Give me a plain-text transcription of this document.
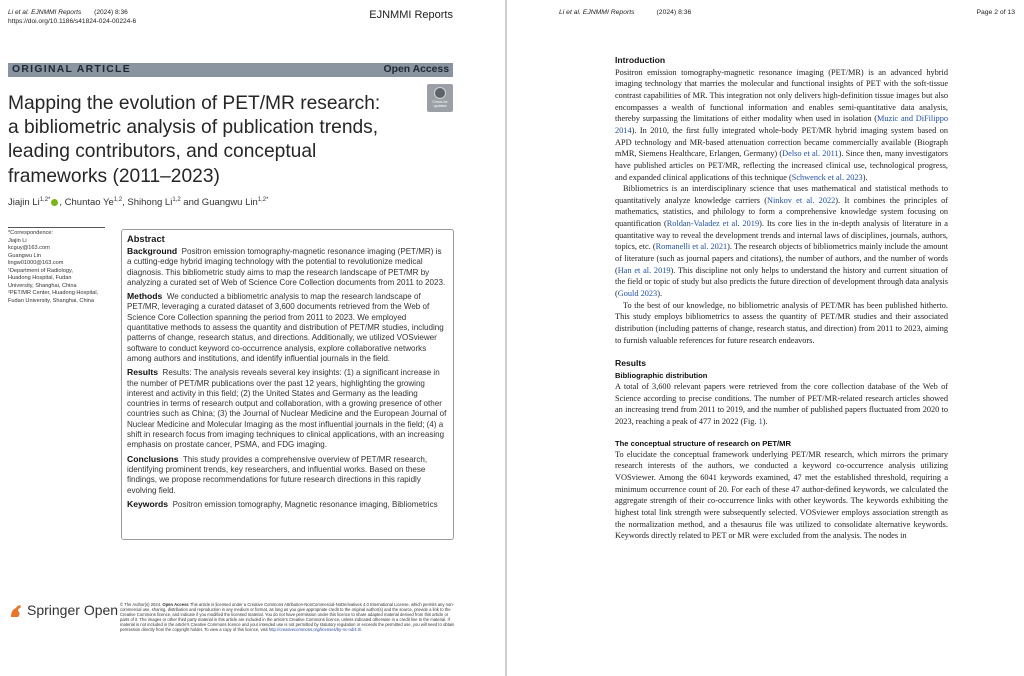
Li et al. EJNMMI Reports (2024) 8:36
https://doi.org/10.1186/s41824-024-00224-6
EJNMMI Reports
ORIGINAL ARTICLE	Open Access
Mapping the evolution of PET/MR research:
a bibliometric analysis of publication trends,
leading contributors, and conceptual
frameworks (2011–2023)
Check for
updates
Jiajin $Li^{1,2*}$ , Chuntao Ye$^{1,2}$, Shihong Li$^{1,2}$ and Guangwu Lin$^{1,2*}$
*Correspondence:
Jiajin Li
kcguy@163.com
Guangwu Lin
lingw01000@163.com
¹Department of Radiology,
Huadong Hospital, Fudan
University, Shanghai, China
²PET/MR Center, Huadong Hospital,
Fudan University, Shanghai, China
Abstract

Background Positron emission tomography-magnetic resonance imaging (PET/MR) is a cutting-edge hybrid imaging technology with the potential to revolutionize medical diagnosis. This bibliometric study aims to map the research landscape of PET/MR by analyzing a curated set of Web of Science Core Collection documents from 2011 to 2023.

Methods We conducted a bibliometric analysis to map the research landscape of PET/MR, leveraging a curated dataset of 3,600 documents retrieved from the Web of Science Core Collection spanning the period from 2011 to 2023. We employed quantitative methods to assess the quantity and distribution of PET/MR studies, including patterns of change, research status, and directions. Additionally, we utilized VOSviewer software to conduct keyword co-occurrence analysis, explore collaborative networks among authors and institutions, and identify influential journals in the field.

Results Results: The analysis reveals several key insights: (1) a significant increase in the number of PET/MR publications over the past 12 years, highlighting the growing interest and activity in this field; (2) the United States and Germany as the leading countries in terms of research output and collaboration, with a growing presence of other countries such as China; (3) the Journal of Nuclear Medicine and the European Journal of Nuclear Medicine and Molecular Imaging as the most influential journals in the field; (4) a shift in research focus from imaging techniques to clinical applications, with an increasing emphasis on prostate cancer, PSMA, and FDG imaging.

Conclusions This study provides a comprehensive overview of PET/MR research, identifying prominent trends, key researchers, and influential works. Based on these findings, we propose recommendations for future research directions in this rapidly evolving field.

Keywords Positron emission tomography, Magnetic resonance imaging, Bibliometrics

Springer Open © The Author(s) 2024. Open Access This article is licensed under a Creative Commons Attribution-NonCommercial-NoDerivatives 4.0 International License, which permits any non-commercial use, sharing, distribution and reproduction in any medium or format, as long as you give appropriate credit to the original author(s) and the source, provide a link to the Creative Commons licence, and indicate if you modified the licensed material. You do not have permission under this licence to share adapted material derived from this article or parts of it. The images or other third party material in this article are included in the article's Creative Commons licence, unless indicated otherwise in a credit line to the material. If material is not included in the article's Creative Commons licence and your intended use is not permitted by statutory regulation or exceeds the permitted use, you will need to obtain permission directly from the copyright holder. To view a copy of this licence, visit http://creativecommons.org/licenses/by-nc-nd/4.0/.
Li et al. EJNMMI Reports	(2024) 8:36	Page 2 of 13
Introduction

Positron emission tomography-magnetic resonance imaging (PET/MR) is an advanced hybrid imaging technology that marries the molecular and functional insights of PET with the soft-tissue contrast capabilities of MR. This integration not only delivers high-definition tissue images but also encompasses a wealth of functional information and enables semi-quantitative data analysis, thereby surpassing the limitations of either modality when used in isolation (Muzic and DiFilippo 2014). In 2010, the first fully integrated whole-body PET/MR hybrid imaging system based on APD technology and MR-based attenuation correction became commercially available (Biograph mMR, Siemens Healthcare, Erlangen, Germany) (Delso et al. 2011). Since then, many investigators have published articles on PET/MR, reflecting the increased clinical use, technological progress, and expanded clinical applications of this technique (Schwenck et al. 2023).

Bibliometrics is an interdisciplinary science that uses mathematical and statistical methods to quantitatively analyze knowledge carriers (Ninkov et al. 2022). It combines the principles of mathematics, statistics, and philology to form a comprehensive knowledge system focusing on quantification (Roldan-Valadez et al. 2019). Its core lies in the in-depth analysis of literature in a quantitative way to reveal the development trends and internal laws of disciplines, journals, authors, topics, etc. (Romanelli et al. 2021). The research objects of bibliometrics mainly include the amount of literature (such as journal papers and citations), the number of authors, and the number of words (Han et al. 2019). This discipline not only helps to understand the history and current situation of the field or topic of study but also predicts the future direction of development through data analysis (Gould 2023).

To the best of our knowledge, no bibliometric analysis of PET/MR has been published hitherto. This study employs bibliometrics to assess the quantity of PET/MR studies and their associated distribution (including patterns of change, research status, and direction) from 2011 to 2023, aiming to furnish valuable references for future research endeavors.

Results
Bibliographic distribution

A total of 3,600 relevant papers were retrieved from the core collection database of the Web of Science according to precise conditions. The number of PET/MR-related research articles showed an increasing trend from 2011 to 2019, and the number of published papers fluctuated from 2020 to 2023, reaching a peak of 477 in 2022 (Fig. 1).

The conceptual structure of research on PET/MR

To elucidate the conceptual framework underlying PET/MR research, which mirrors the primary research interests of the authors, we conducted a keyword co-occurrence analysis utilizing VOSviewer. Among the 6041 keywords examined, 47 met the established threshold, requiring a minimum occurrence count of 20. For each of these 47 author-defined keywords, we calculated the aggregate strength of their co-occurrence links with other keywords. The keywords exhibiting the highest total link strength were subsequently selected. VOSviewer employs association strength as the normalization method, and a thesaurus file was utilized to consolidate alternative keywords. Keywords directly related to PET or MR were excluded from the analysis. The nodes in
